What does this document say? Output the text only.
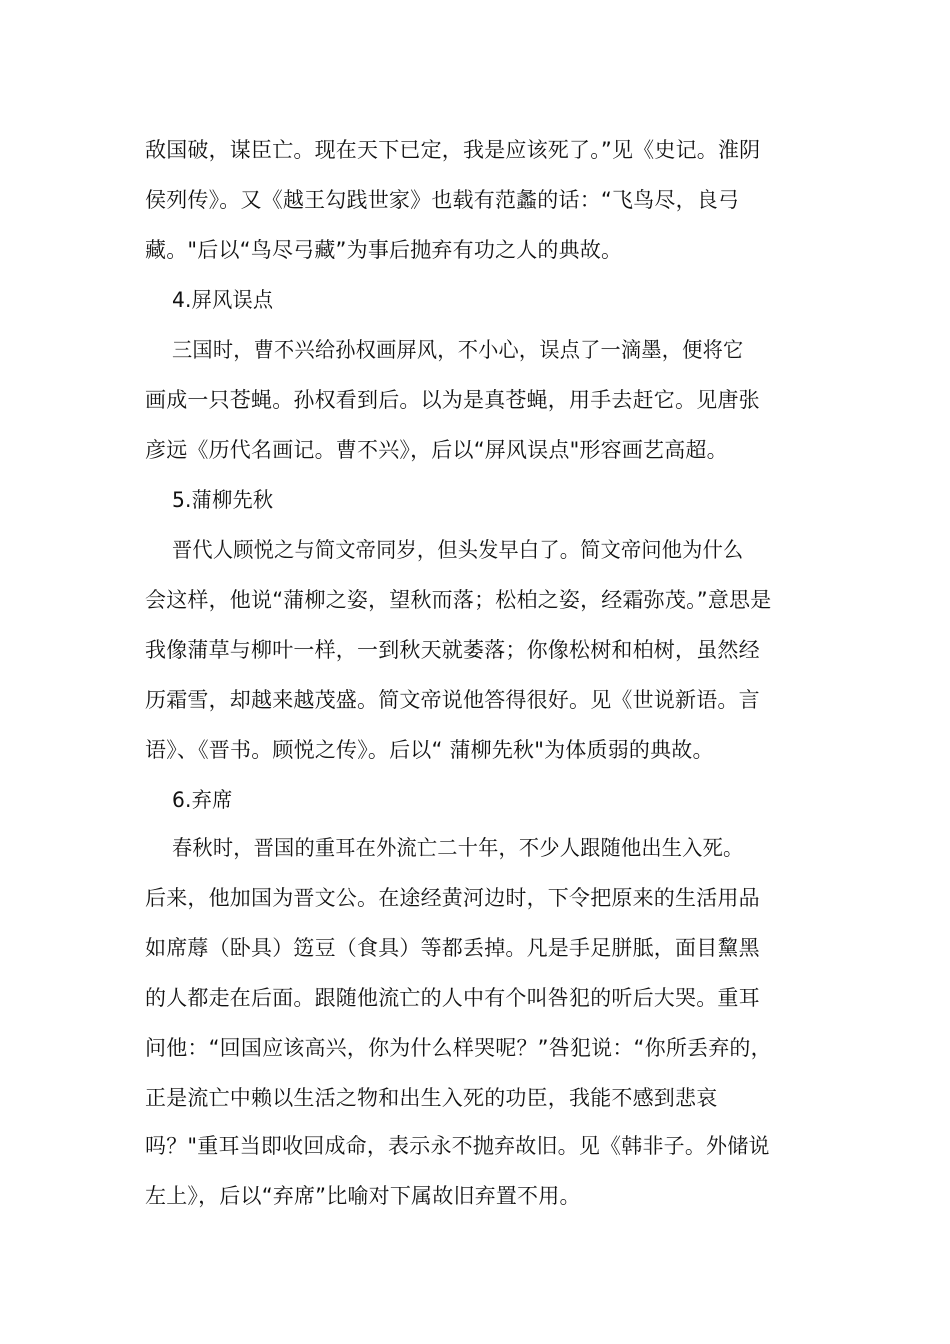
敌国破，谋臣亡。现在天下已定，我是应该死了。”见《史记。淮阴
侯列传》。又《越王勾践世家》也载有范蠡的话：“飞鸟尽，良弓
藏。"后以“鸟尽弓藏”为事后抛弃有功之人的典故。
4.屏风误点
三国时，曹不兴给孙权画屏风，不小心，误点了一滴墨，便将它
画成一只苍蝇。孙权看到后。以为是真苍蝇，用手去赶它。见唐张
彦远《历代名画记。曹不兴》，后以“屏风误点"形容画艺高超。
5.蒲柳先秋
晋代人顾悦之与简文帝同岁，但头发早白了。简文帝问他为什么
会这样，他说“蒲柳之姿，望秋而落；松柏之姿，经霜弥茂。”意思是
我像蒲草与柳叶一样，一到秋天就萎落；你像松树和柏树，虽然经
历霜雪，却越来越茂盛。简文帝说他答得很好。见《世说新语。言
语》、《晋书。顾悦之传》。后以“ 蒲柳先秋"为体质弱的典故。
6.弃席
春秋时，晋国的重耳在外流亡二十年，不少人跟随他出生入死。
后来，他加国为晋文公。在途经黄河边时，下令把原来的生活用品
如席蓐（卧具）笾豆（食具）等都丢掉。凡是手足胼胝，面目黧黑
的人都走在后面。跟随他流亡的人中有个叫咎犯的听后大哭。重耳
问他：“回国应该高兴，你为什么样哭呢？”咎犯说：“你所丢弃的，
正是流亡中赖以生活之物和出生入死的功臣，我能不感到悲哀
吗？"重耳当即收回成命，表示永不抛弃故旧。见《韩非子。外储说
左上》，后以“弃席”比喻对下属故旧弃置不用。
